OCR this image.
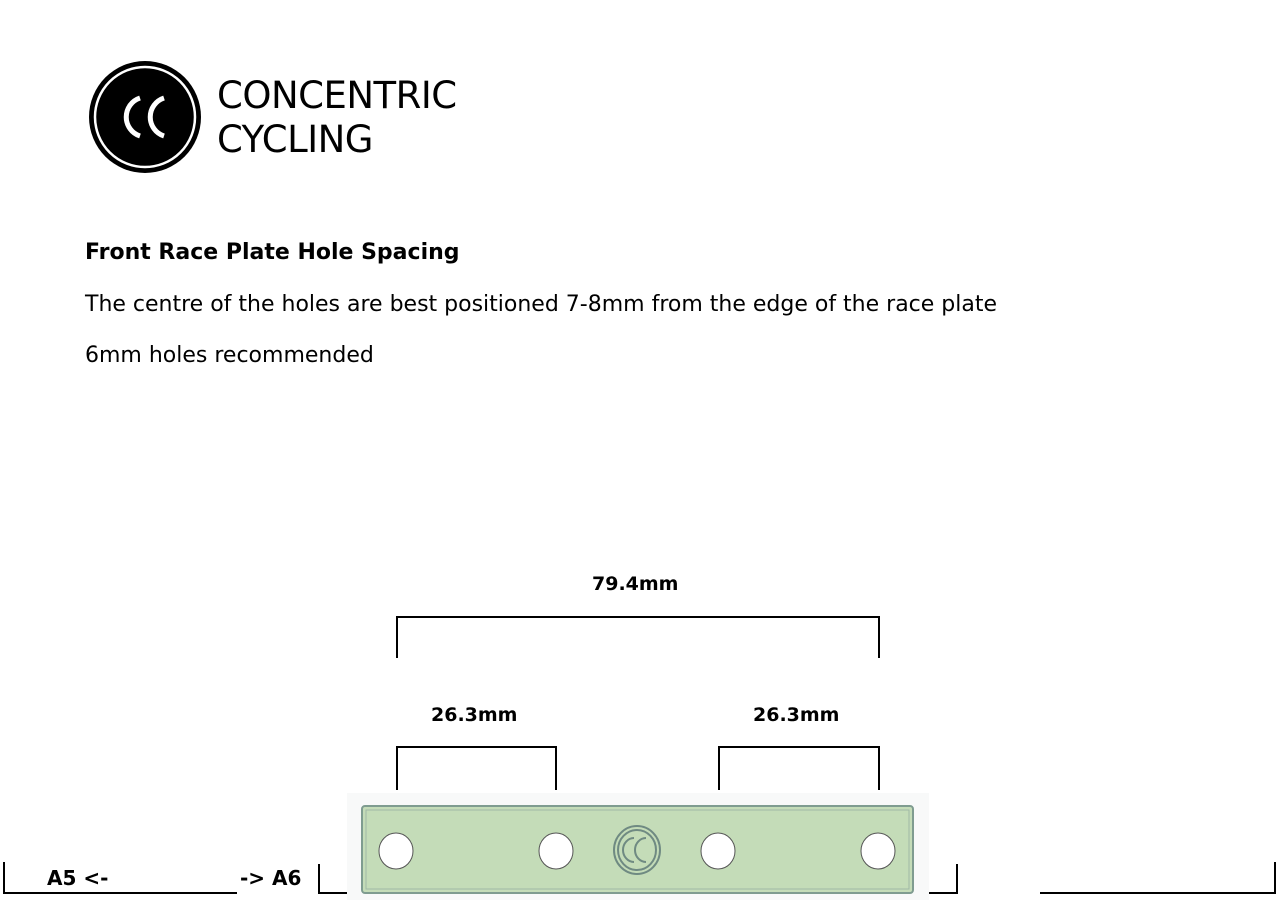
CONCENTRIC
CYCLING
Front Race Plate Hole Spacing
The centre of the holes are best positioned 7-8mm from the edge of the race plate
6mm holes recommended
79.4mm
26.3mm	26.3mm
A5 <-	-> A6
